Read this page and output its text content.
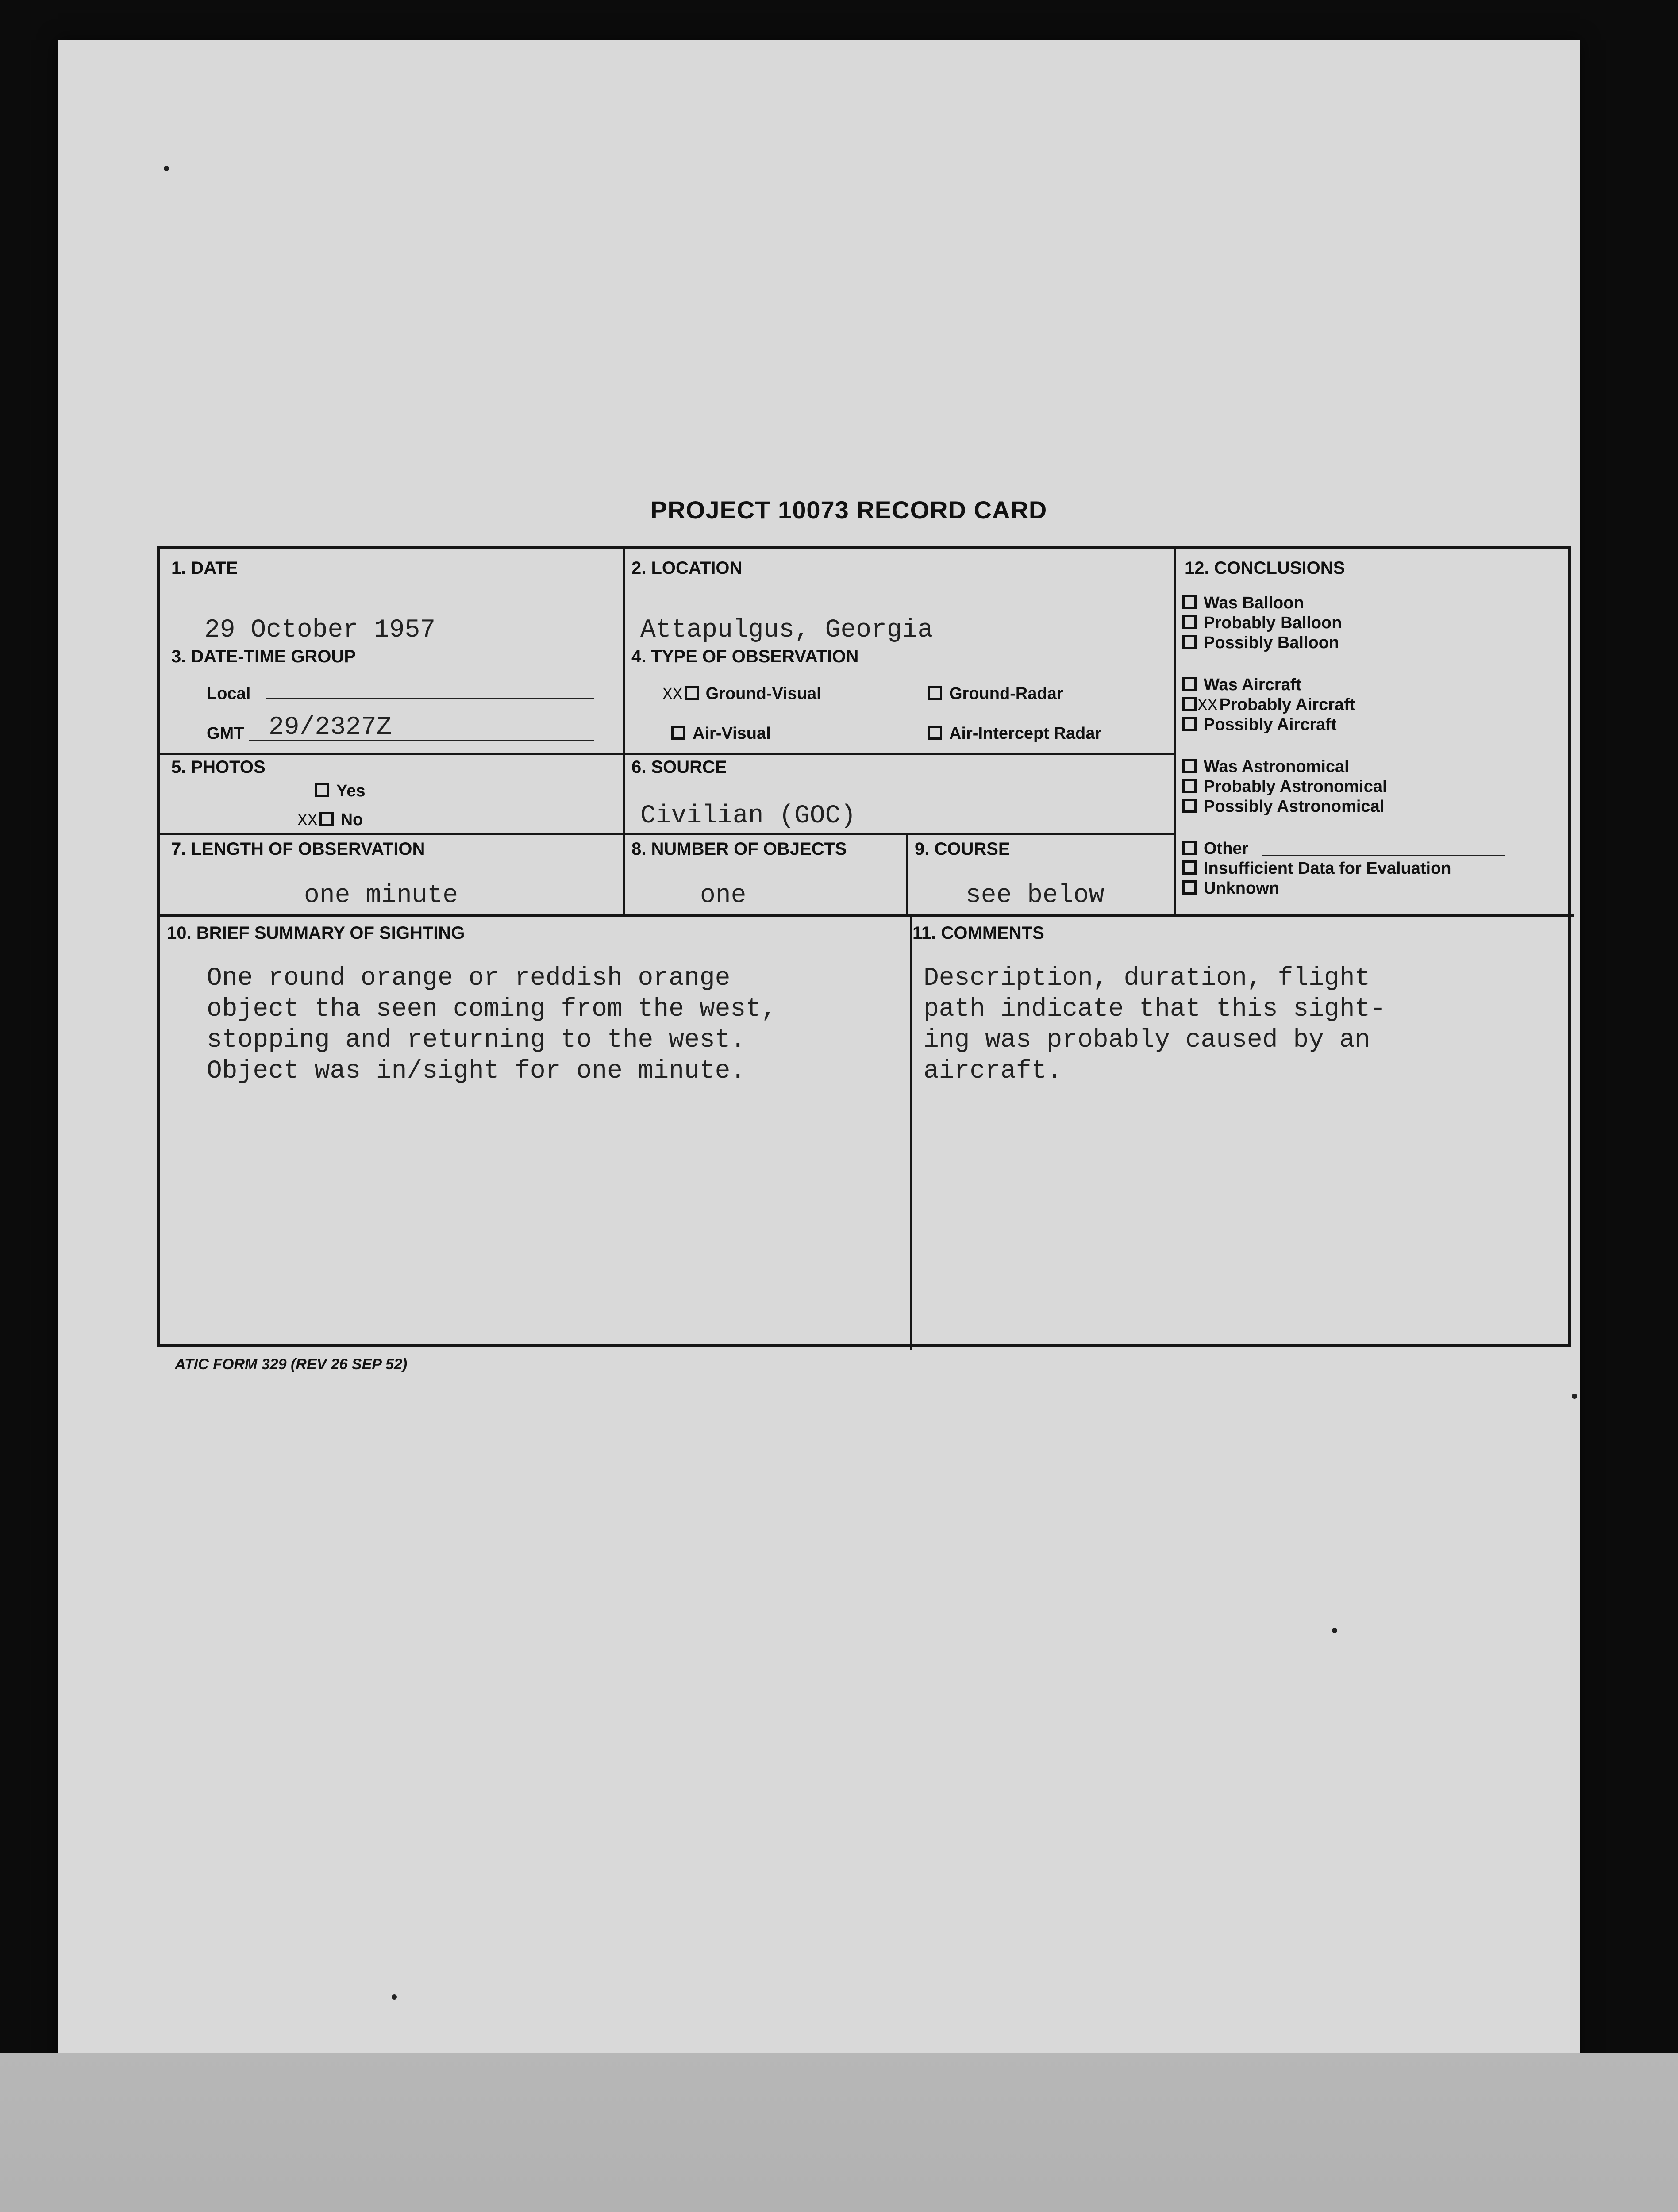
PROJECT 10073 RECORD CARD
1. DATE
29 October 1957
2. LOCATION
Attapulgus, Georgia
3. DATE-TIME GROUP
Local
GMT 29/2327Z
4. TYPE OF OBSERVATION
XX Ground-Visual	Ground-Radar
Air-Visual	Air-Intercept Radar
5. PHOTOS
Yes
XX No
6. SOURCE
Civilian (GOC)
7. LENGTH OF OBSERVATION
one minute
8. NUMBER OF OBJECTS
one
9. COURSE
see below
12. CONCLUSIONS
Was Balloon
Probably Balloon
Possibly Balloon
Was Aircraft
XX Probably Aircraft
Possibly Aircraft
Was Astronomical
Probably Astronomical
Possibly Astronomical
Other
Insufficient Data for Evaluation
Unknown
10. BRIEF SUMMARY OF SIGHTING
One round orange or reddish orange
object tha seen coming from the west,
stopping and returning to the west.
Object was in/sight for one minute.
11. COMMENTS
Description, duration, flight
path indicate that this sight-
ing was probably caused by an
aircraft.
ATIC FORM 329 (REV 26 SEP 52)
